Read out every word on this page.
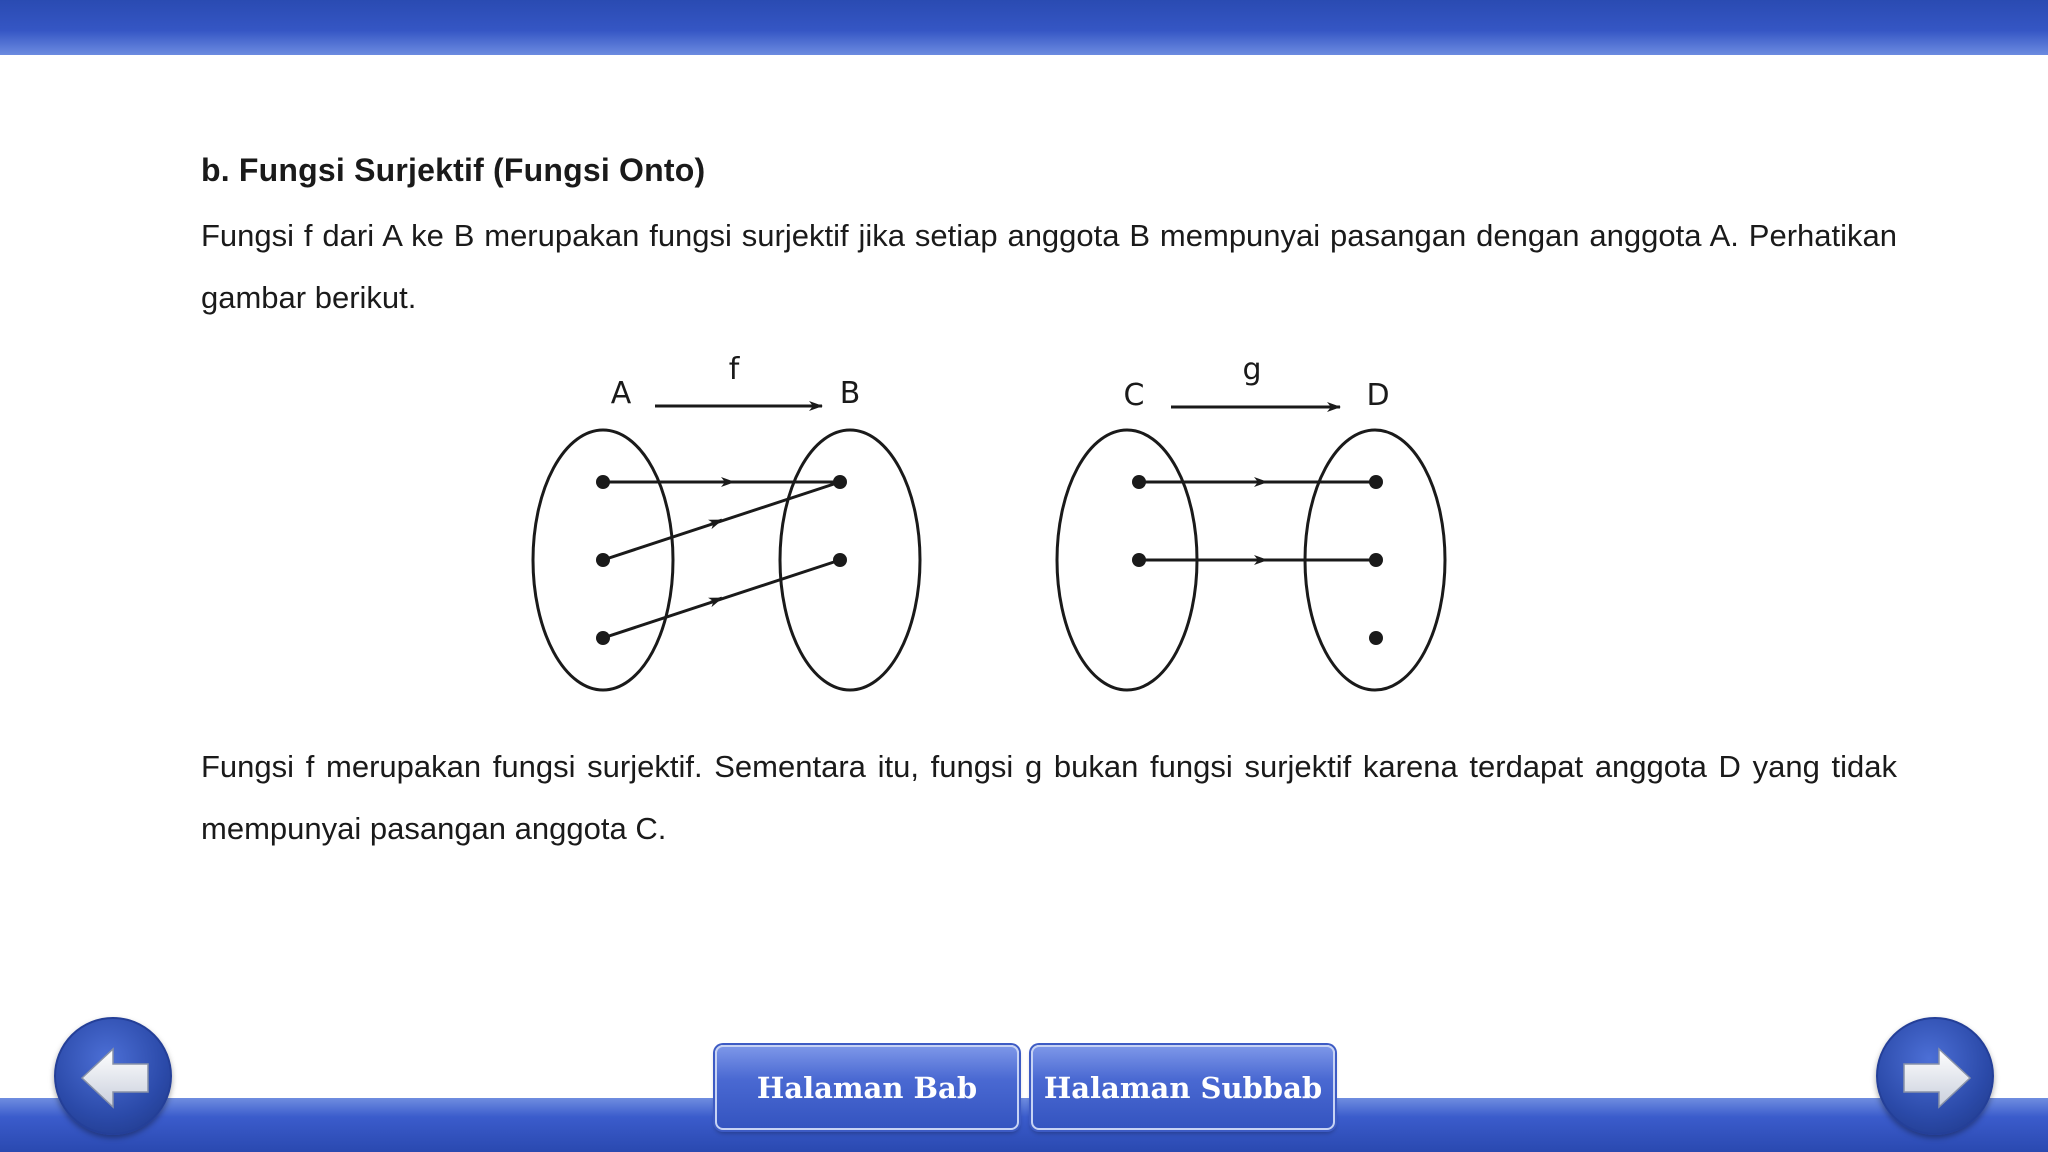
b. Fungsi Surjektif (Fungsi Onto)
Fungsi f dari A ke B merupakan fungsi surjektif jika setiap anggota B mempunyai pasangan dengan anggota A. Perhatikan gambar berikut.
A
f
B	C
g
D
Fungsi f merupakan fungsi surjektif. Sementara itu, fungsi g bukan fungsi surjektif karena terdapat anggota D yang tidak mempunyai pasangan anggota C.
Halaman Bab	Halaman Subbab
